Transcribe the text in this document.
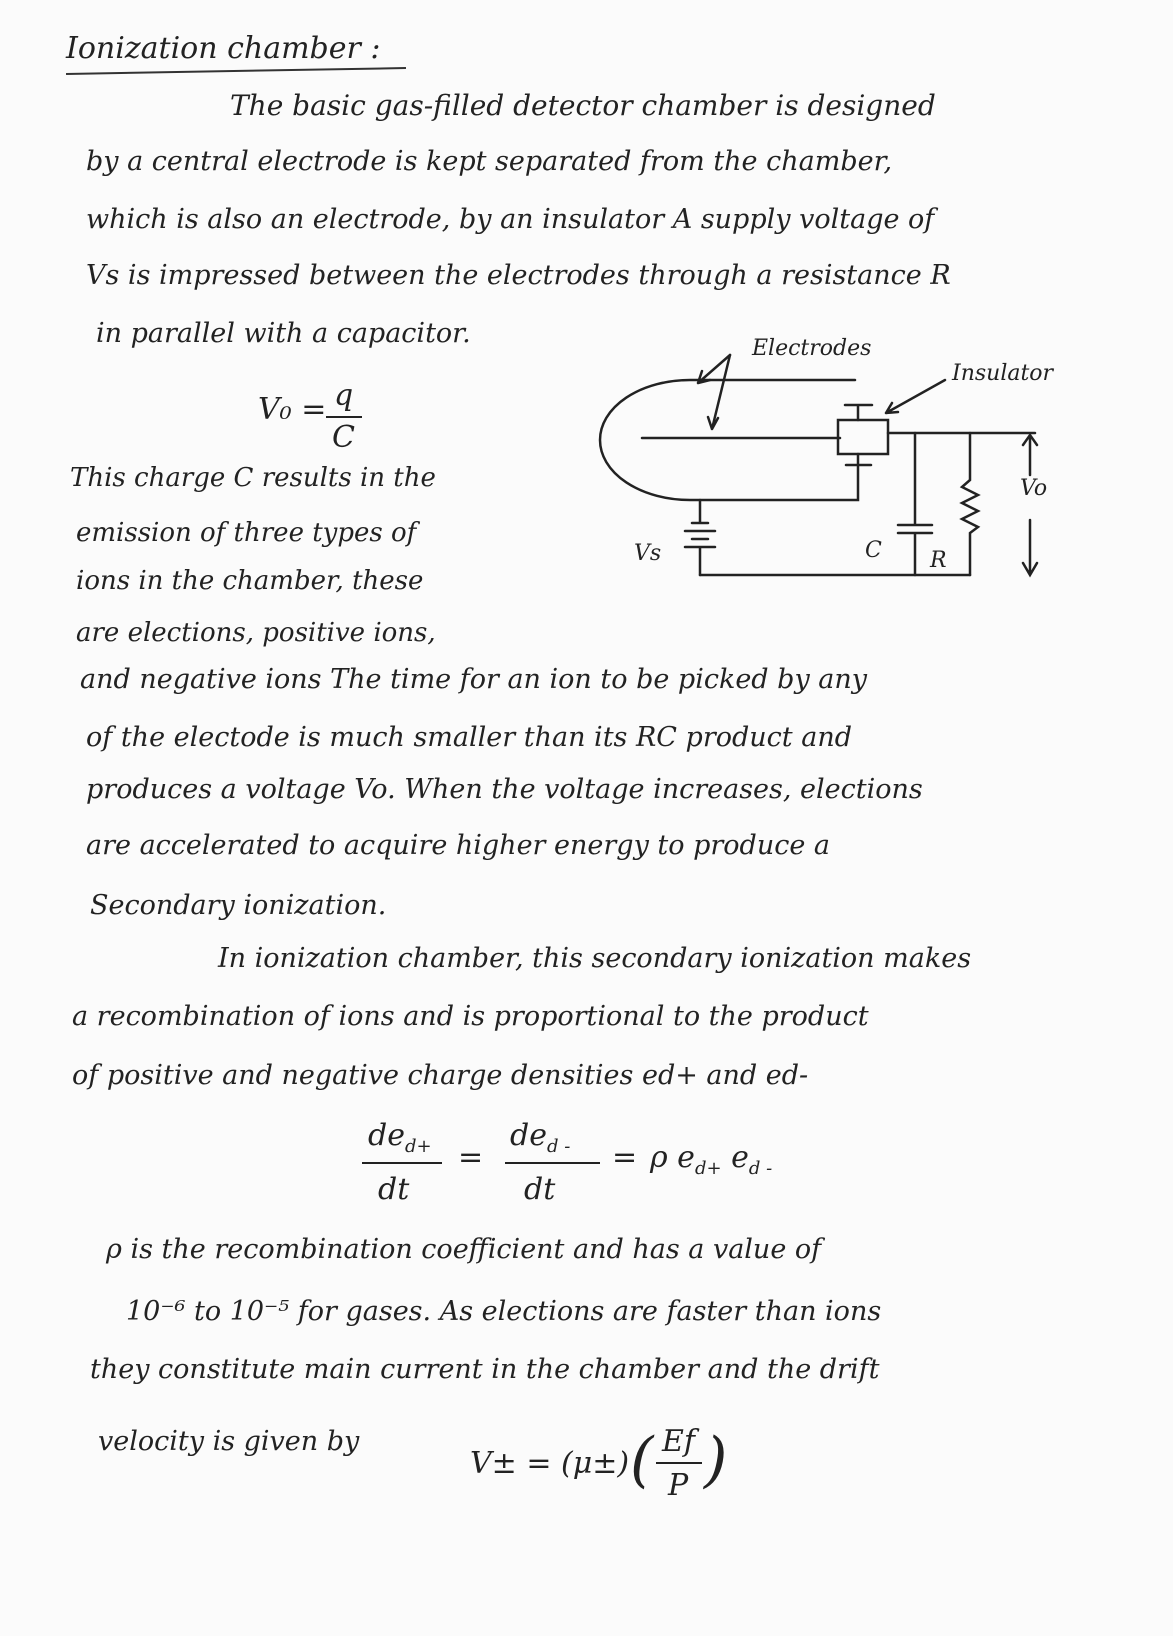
Ionization chamber :
The basic gas-filled detector chamber is designed
by a central electrode is kept separated from the chamber,
which is also an electrode, by an insulator A supply voltage of
Vs is impressed between the electrodes through a resistance R
in parallel with a capacitor.
V₀ = q
C
This charge C results in the
emission of three types of
ions in the chamber, these
are elections, positive ions,
Electrodes
Insulator
Vs	C R
Vo
and negative ions The time for an ion to be picked by any
of the electode is much smaller than its RC product and
produces a voltage Vo. When the voltage increases, elections
are accelerated to acquire higher energy to produce a
Secondary ionization.
In ionization chamber, this secondary ionization makes
a recombination of ions and is proportional to the product
of positive and negative charge densities ed+ and ed-
$de_{d+}$
dt
=
$de_{d -}$
dt
= ρ $e_{d+}$ $e_{d -}$
ρ is the recombination coefficient and has a value of
10⁻⁶ to 10⁻⁵ for gases. As elections are faster than ions
they constitute main current in the chamber and the drift
velocity is given by
V± = (μ±) ( Ef
P )
